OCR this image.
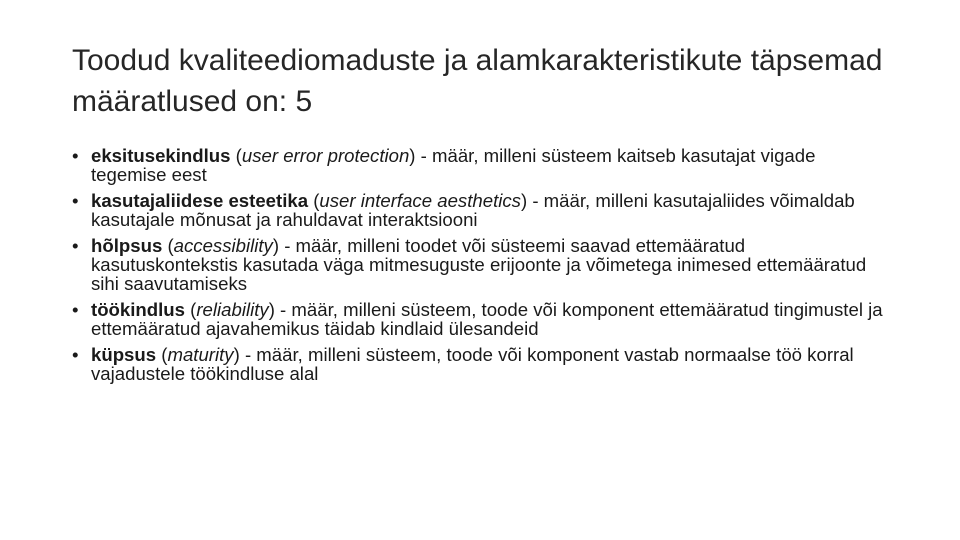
Toodud kvaliteediomaduste ja alamkarakteristikute täpsemad määratlused on: 5
• eksitusekindlus (user error protection) - määr, milleni süsteem kaitseb kasutajat vigade tegemise eest
• kasutajaliidese esteetika (user interface aesthetics) - määr, milleni kasutajaliides võimaldab kasutajale mõnusat ja rahuldavat interaktsiooni
• hõlpsus (accessibility) - määr, milleni toodet või süsteemi saavad ettemääratud kasutuskontekstis kasutada väga mitmesuguste erijoonte ja võimetega inimesed ettemääratud sihi saavutamiseks
• töökindlus (reliability) - määr, milleni süsteem, toode või komponent ettemääratud tingimustel ja ettemääratud ajavahemikus täidab kindlaid ülesandeid
• küpsus (maturity) - määr, milleni süsteem, toode või komponent vastab normaalse töö korral vajadustele töökindluse alal
